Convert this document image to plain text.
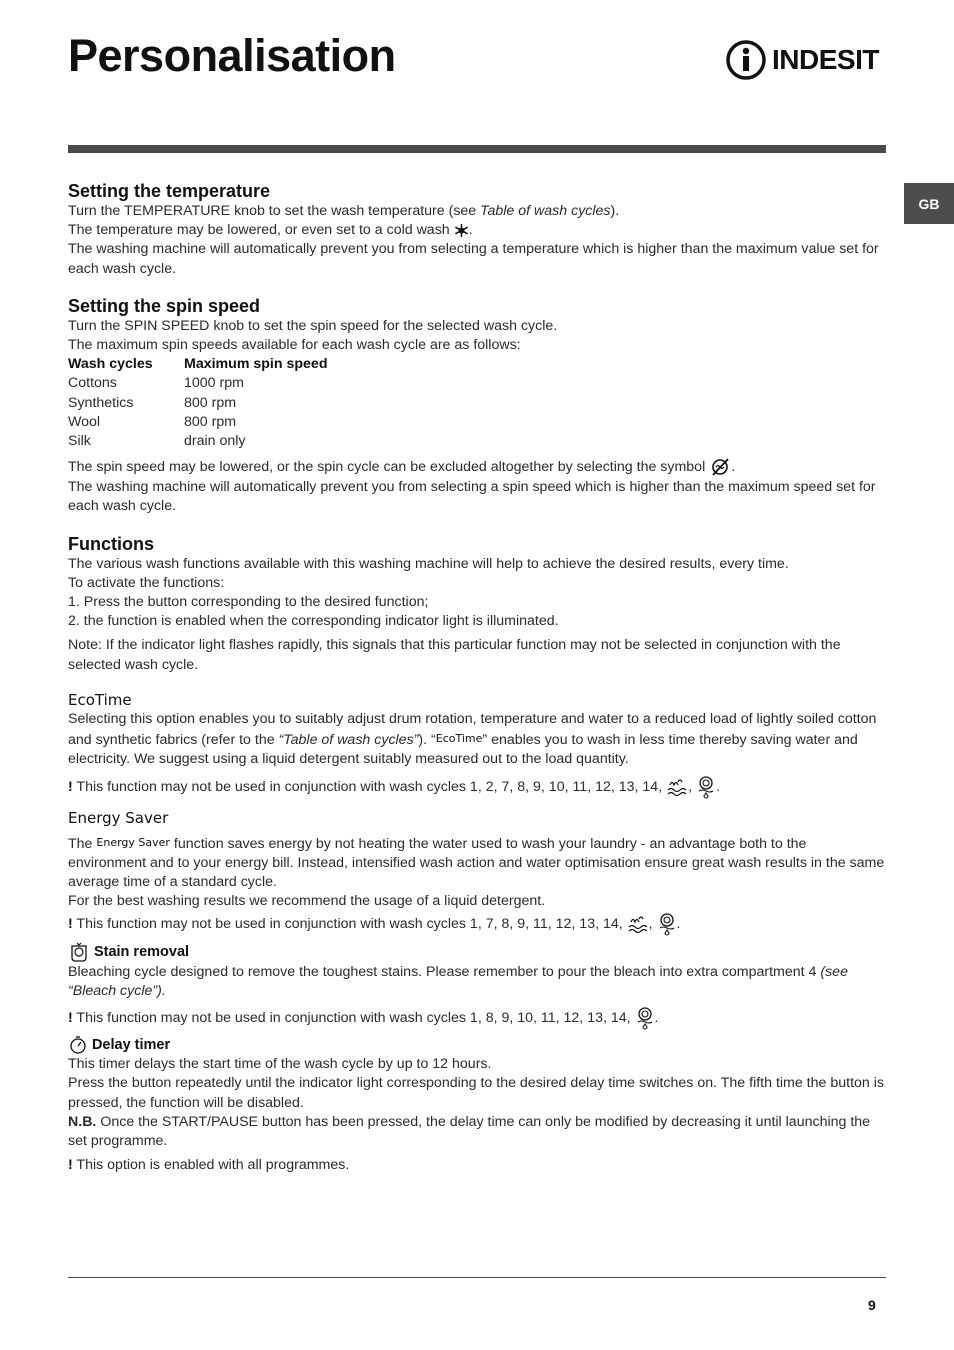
Personalisation	INDESIT
GB
Setting the temperature

Turn the TEMPERATURE knob to set the wash temperature (see Table of wash cycles).

The temperature may be lowered, or even set to a cold wash .

The washing machine will automatically prevent you from selecting a temperature which is higher than the maximum value set for each wash cycle.

Setting the spin speed

Turn the SPIN SPEED knob to set the spin speed for the selected wash cycle.

The maximum spin speeds available for each wash cycle are as follows:

Wash cycles	Maximum spin speed
Cottons	1000 rpm
Synthetics	800 rpm
Wool	800 rpm
Silk	drain only

The spin speed may be lowered, or the spin cycle can be excluded altogether by selecting the symbol .

The washing machine will automatically prevent you from selecting a spin speed which is higher than the maximum speed set for each wash cycle.

Functions

The various wash functions available with this washing machine will help to achieve the desired results, every time.

To activate the functions:

1. Press the button corresponding to the desired function;

2. the function is enabled when the corresponding indicator light is illuminated.

Note: If the indicator light flashes rapidly, this signals that this particular function may not be selected in conjunction with the selected wash cycle.

EcoTime

Selecting this option enables you to suitably adjust drum rotation, temperature and water to a reduced load of lightly soiled cotton and synthetic fabrics (refer to the “Table of wash cycles”). “EcoTime” enables you to wash in less time thereby saving water and electricity. We suggest using a liquid detergent suitably measured out to the load quantity.

! This function may not be used in conjunction with wash cycles 1, 2, 7, 8, 9, 10, 11, 12, 13, 14, , .

Energy Saver

The Energy Saver function saves energy by not heating the water used to wash your laundry - an advantage both to the environment and to your energy bill. Instead, intensified wash action and water optimisation ensure great wash results in the same average time of a standard cycle.

For the best washing results we recommend the usage of a liquid detergent.

! This function may not be used in conjunction with wash cycles 1, 7, 8, 9, 11, 12, 13, 14, , .

Stain removal

Bleaching cycle designed to remove the toughest stains. Please remember to pour the bleach into extra compartment 4 (see “Bleach cycle”).

! This function may not be used in conjunction with wash cycles 1, 8, 9, 10, 11, 12, 13, 14, .

Delay timer

This timer delays the start time of the wash cycle by up to 12 hours.

Press the button repeatedly until the indicator light corresponding to the desired delay time switches on. The fifth time the button is pressed, the function will be disabled.

N.B. Once the START/PAUSE button has been pressed, the delay time can only be modified by decreasing it until launching the set programme.

! This option is enabled with all programmes.

9
